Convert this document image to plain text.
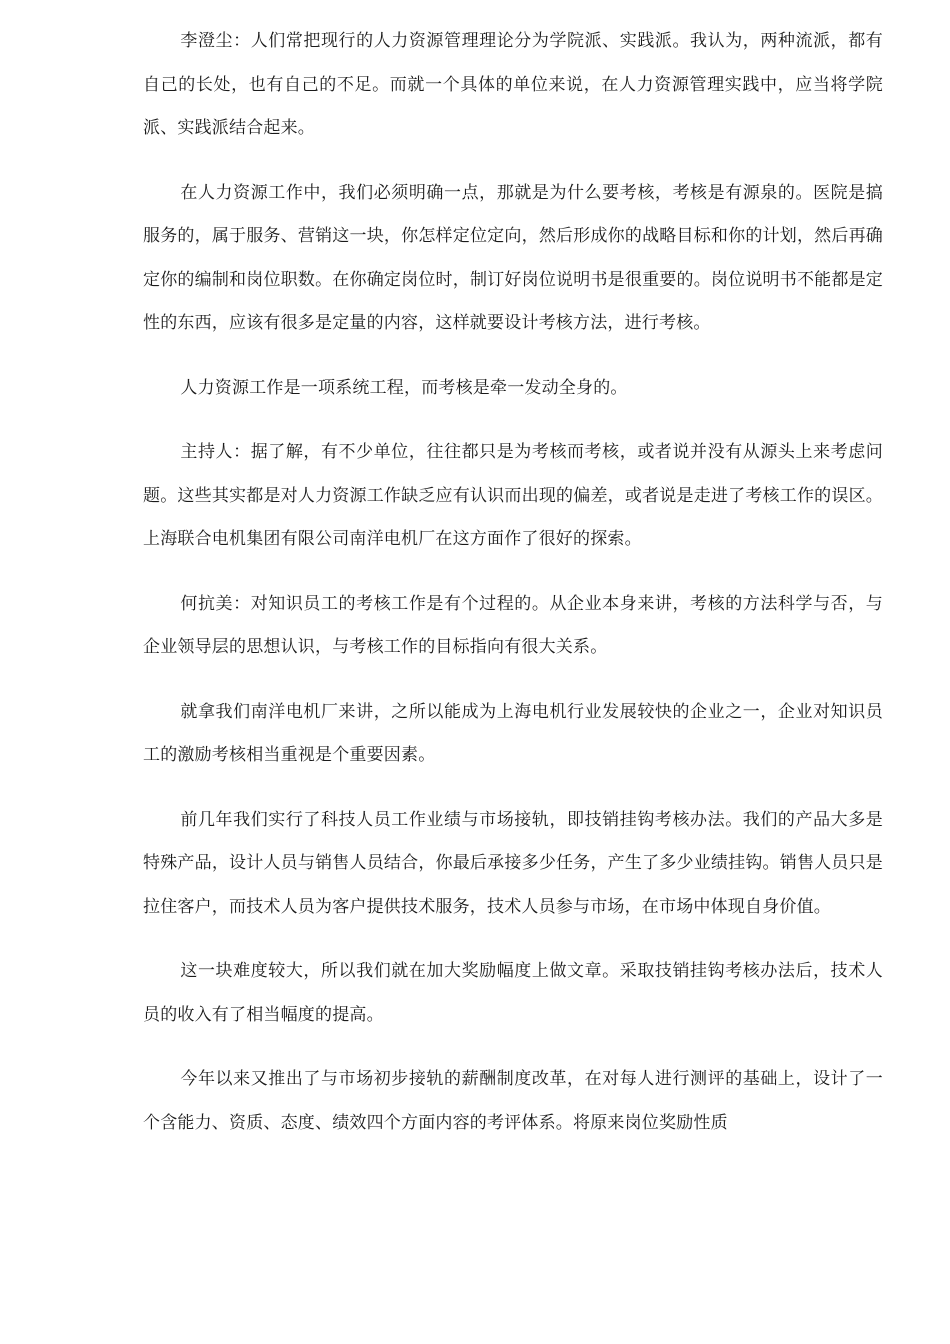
李澄尘：人们常把现行的人力资源管理理论分为学院派、实践派。我认为，两种流派，都有自己的长处，也有自己的不足。而就一个具体的单位来说，在人力资源管理实践中，应当将学院派、实践派结合起来。

在人力资源工作中，我们必须明确一点，那就是为什么要考核，考核是有源泉的。医院是搞服务的，属于服务、营销这一块，你怎样定位定向，然后形成你的战略目标和你的计划，然后再确定你的编制和岗位职数。在你确定岗位时，制订好岗位说明书是很重要的。岗位说明书不能都是定性的东西，应该有很多是定量的内容，这样就要设计考核方法，进行考核。

人力资源工作是一项系统工程，而考核是牵一发动全身的。

主持人：据了解，有不少单位，往往都只是为考核而考核，或者说并没有从源头上来考虑问题。这些其实都是对人力资源工作缺乏应有认识而出现的偏差，或者说是走进了考核工作的误区。上海联合电机集团有限公司南洋电机厂在这方面作了很好的探索。

何抗美：对知识员工的考核工作是有个过程的。从企业本身来讲，考核的方法科学与否，与企业领导层的思想认识，与考核工作的目标指向有很大关系。

就拿我们南洋电机厂来讲，之所以能成为上海电机行业发展较快的企业之一，企业对知识员工的激励考核相当重视是个重要因素。

前几年我们实行了科技人员工作业绩与市场接轨，即技销挂钩考核办法。我们的产品大多是特殊产品，设计人员与销售人员结合，你最后承接多少任务，产生了多少业绩挂钩。销售人员只是拉住客户，而技术人员为客户提供技术服务，技术人员参与市场，在市场中体现自身价值。

这一块难度较大，所以我们就在加大奖励幅度上做文章。采取技销挂钩考核办法后，技术人员的收入有了相当幅度的提高。

今年以来又推出了与市场初步接轨的薪酬制度改革，在对每人进行测评的基础上，设计了一个含能力、资质、态度、绩效四个方面内容的考评体系。将原来岗位奖励性质
